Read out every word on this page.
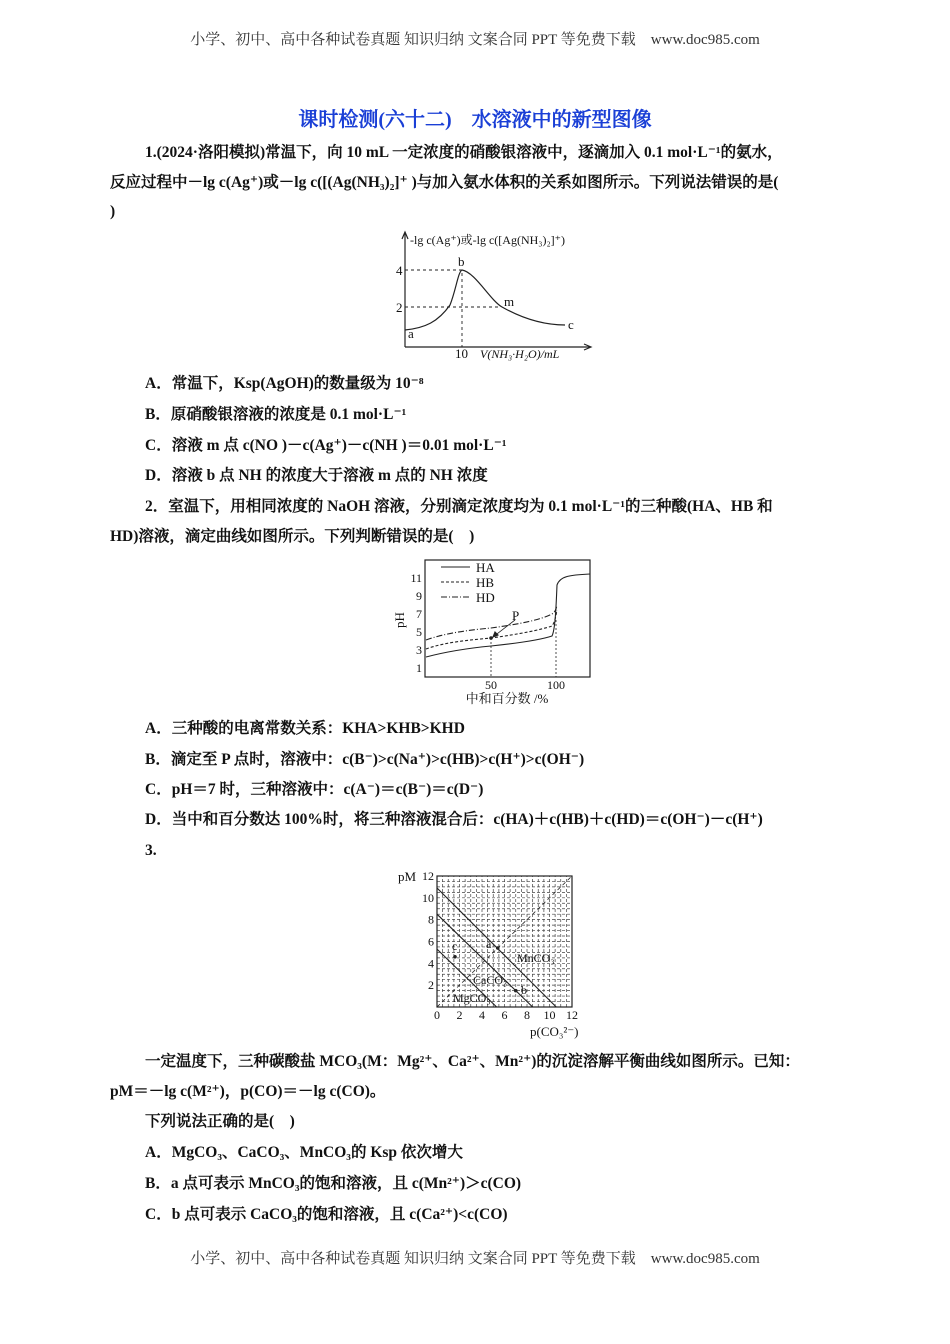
小学、初中、高中各种试卷真题 知识归纳 文案合同 PPT 等免费下载　www.doc985.com
课时检测(六十二)　水溶液中的新型图像
1.(2024·洛阳模拟)常温下，向 10 mL 一定浓度的硝酸银溶液中，逐滴加入 0.1 mol·L⁻¹的氨水，
反应过程中－lg c(Ag⁺)或－lg c([(Ag(NH₃)₂]⁺ )与加入氨水体积的关系如图所示。下列说法错误的是(
)
-lg c(Ag⁺)或-lg c([Ag(NH₃)₂]⁺)
4
2
10 V(NH₃·H₂O)/mL
a
b
m
c
A．常温下，Ksp(AgOH)的数量级为 10⁻⁸
B．原硝酸银溶液的浓度是 0.1 mol·L⁻¹
C．溶液 m 点 c(NO )－c(Ag⁺)－c(NH )＝0.01 mol·L⁻¹
D．溶液 b 点 NH 的浓度大于溶液 m 点的 NH 浓度
2．室温下，用相同浓度的 NaOH 溶液，分别滴定浓度均为 0.1 mol·L⁻¹的三种酸(HA、HB 和
HD)溶液，滴定曲线如图所示。下列判断错误的是(　)
HA
HB
HD
P
11
9
7
5
3
1
pH
50	100
中和百分数 /%
A．三种酸的电离常数关系：KHA>KHB>KHD
B．滴定至 P 点时，溶液中：c(B⁻)>c(Na⁺)>c(HB)>c(H⁺)>c(OH⁻)
C．pH＝7 时，三种溶液中：c(A⁻)＝c(B⁻)＝c(D⁻)
D．当中和百分数达 100%时，将三种溶液混合后：c(HA)＋c(HB)＋c(HD)＝c(OH⁻)－c(H⁺)
3.
pM
2
4
6
8
10
12
0 2 4 6 8 10 12
p(CO₃²⁻)
MnCO₃
CaCO₃
MgCO₃
a
b
c
一定温度下，三种碳酸盐 MCO₃(M：Mg²⁺、Ca²⁺、Mn²⁺)的沉淀溶解平衡曲线如图所示。已知：
pM＝－lg c(M²⁺)，p(CO)＝－lg c(CO)。
下列说法正确的是(　)
A．MgCO₃、CaCO₃、MnCO₃的 Ksp 依次增大
B．a 点可表示 MnCO₃的饱和溶液，且 c(Mn²⁺)＞c(CO)
C．b 点可表示 CaCO₃的饱和溶液，且 c(Ca²⁺)<c(CO)
小学、初中、高中各种试卷真题 知识归纳 文案合同 PPT 等免费下载　www.doc985.com
